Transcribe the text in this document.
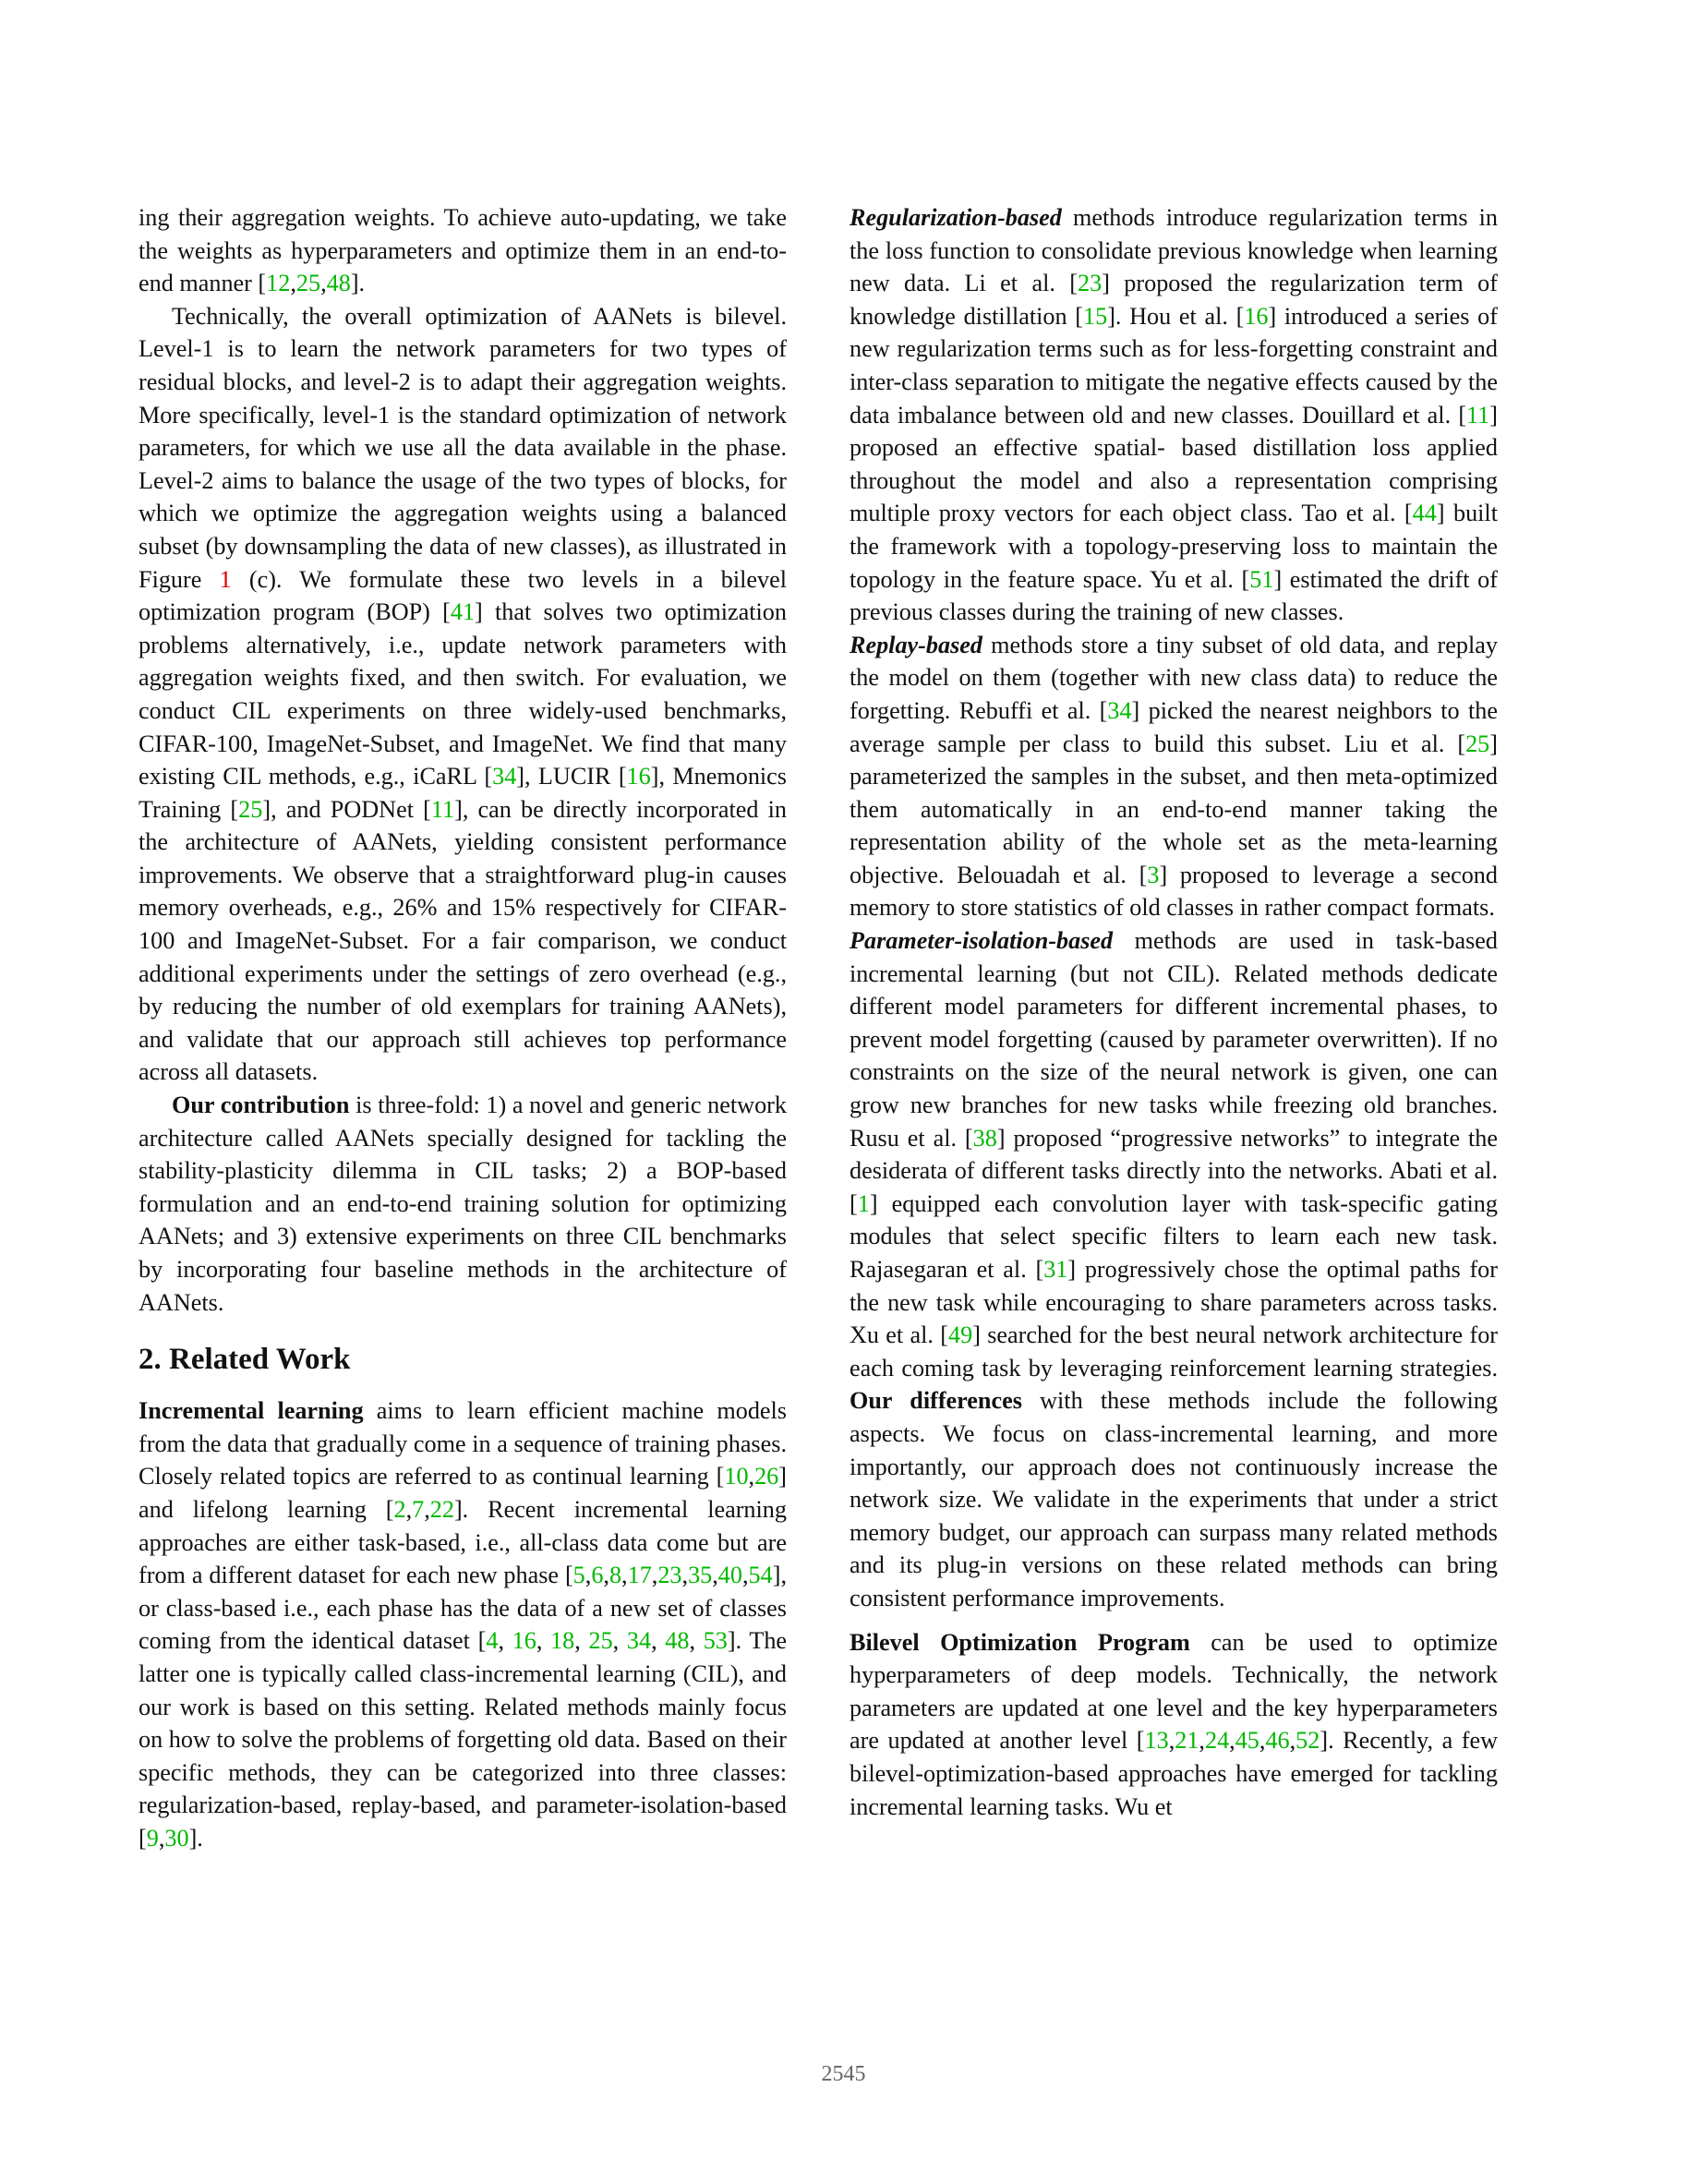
ing their aggregation weights. To achieve auto-updating, we take the weights as hyperparameters and optimize them in an end-to-end manner [12,25,48].

Technically, the overall optimization of AANets is bilevel. Level-1 is to learn the network parameters for two types of residual blocks, and level-2 is to adapt their aggregation weights. More specifically, level-1 is the standard optimization of network parameters, for which we use all the data available in the phase. Level-2 aims to balance the usage of the two types of blocks, for which we optimize the aggregation weights using a balanced subset (by downsampling the data of new classes), as illustrated in Figure 1 (c). We formulate these two levels in a bilevel optimization program (BOP) [41] that solves two optimization problems alternatively, i.e., update network parameters with aggregation weights fixed, and then switch. For evaluation, we conduct CIL experiments on three widely-used benchmarks, CIFAR-100, ImageNet-Subset, and ImageNet. We find that many existing CIL methods, e.g., iCaRL [34], LUCIR [16], Mnemonics Training [25], and PODNet [11], can be directly incorporated in the architecture of AANets, yielding consistent performance improvements. We observe that a straightforward plug-in causes memory overheads, e.g., 26% and 15% respectively for CIFAR-100 and ImageNet-Subset. For a fair comparison, we conduct additional experiments under the settings of zero overhead (e.g., by reducing the number of old exemplars for training AANets), and validate that our approach still achieves top performance across all datasets.

Our contribution is three-fold: 1) a novel and generic network architecture called AANets specially designed for tackling the stability-plasticity dilemma in CIL tasks; 2) a BOP-based formulation and an end-to-end training solution for optimizing AANets; and 3) extensive experiments on three CIL benchmarks by incorporating four baseline methods in the architecture of AANets.

2. Related Work

Incremental learning aims to learn efficient machine models from the data that gradually come in a sequence of training phases. Closely related topics are referred to as continual learning [10,26] and lifelong learning [2,7,22]. Recent incremental learning approaches are either task-based, i.e., all-class data come but are from a different dataset for each new phase [5,6,8,17,23,35,40,54], or class-based i.e., each phase has the data of a new set of classes coming from the identical dataset [4, 16, 18, 25, 34, 48, 53]. The latter one is typically called class-incremental learning (CIL), and our work is based on this setting. Related methods mainly focus on how to solve the problems of forgetting old data. Based on their specific methods, they can be categorized into three classes: regularization-based, replay-based, and parameter-isolation-based [9,30].

Regularization-based methods introduce regularization terms in the loss function to consolidate previous knowledge when learning new data. Li et al. [23] proposed the regularization term of knowledge distillation [15]. Hou et al. [16] introduced a series of new regularization terms such as for less-forgetting constraint and inter-class separation to mitigate the negative effects caused by the data imbalance between old and new classes. Douillard et al. [11] proposed an effective spatial- based distillation loss applied throughout the model and also a representation comprising multiple proxy vectors for each object class. Tao et al. [44] built the framework with a topology-preserving loss to maintain the topology in the feature space. Yu et al. [51] estimated the drift of previous classes during the training of new classes.

Replay-based methods store a tiny subset of old data, and replay the model on them (together with new class data) to reduce the forgetting. Rebuffi et al. [34] picked the nearest neighbors to the average sample per class to build this subset. Liu et al. [25] parameterized the samples in the subset, and then meta-optimized them automatically in an end-to-end manner taking the representation ability of the whole set as the meta-learning objective. Belouadah et al. [3] proposed to leverage a second memory to store statistics of old classes in rather compact formats.

Parameter-isolation-based methods are used in task-based incremental learning (but not CIL). Related methods dedicate different model parameters for different incremental phases, to prevent model forgetting (caused by parameter overwritten). If no constraints on the size of the neural network is given, one can grow new branches for new tasks while freezing old branches. Rusu et al. [38] proposed “progressive networks” to integrate the desiderata of different tasks directly into the networks. Abati et al. [1] equipped each convolution layer with task-specific gating modules that select specific filters to learn each new task. Rajasegaran et al. [31] progressively chose the optimal paths for the new task while encouraging to share parameters across tasks. Xu et al. [49] searched for the best neural network architecture for each coming task by leveraging reinforcement learning strategies. Our differences with these methods include the following aspects. We focus on class-incremental learning, and more importantly, our approach does not continuously increase the network size. We validate in the experiments that under a strict memory budget, our approach can surpass many related methods and its plug-in versions on these related methods can bring consistent performance improvements.

Bilevel Optimization Program can be used to optimize hyperparameters of deep models. Technically, the network parameters are updated at one level and the key hyperparameters are updated at another level [13,21,24,45,46,52]. Recently, a few bilevel-optimization-based approaches have emerged for tackling incremental learning tasks. Wu et

2545
